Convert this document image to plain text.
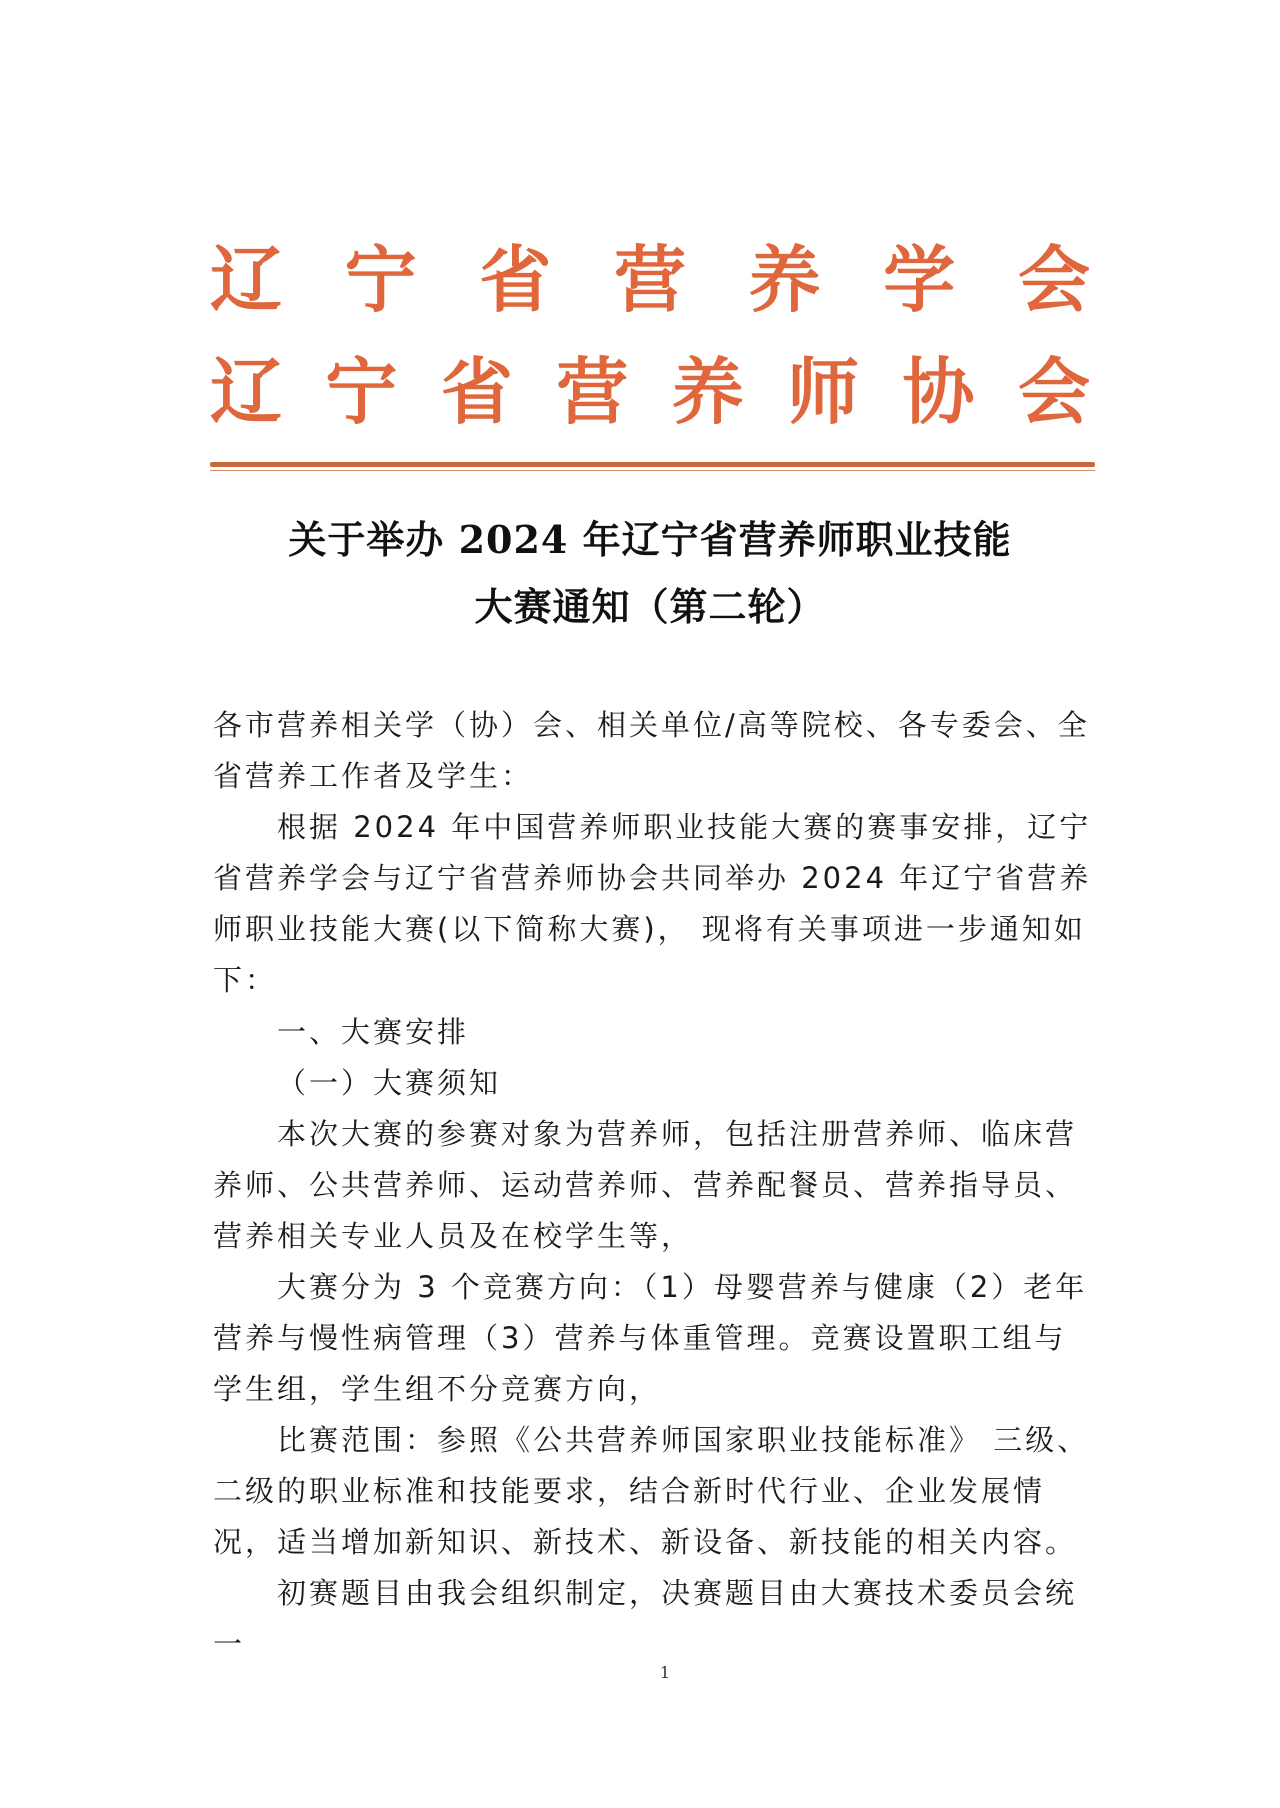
辽 宁 省 营 养 学 会
辽 宁 省 营 养 师 协 会
关于举办 2024 年辽宁省营养师职业技能
大赛通知（第二轮）

各市营养相关学（协）会、相关单位/高等院校、各专委会、全省营养工作者及学生：

根据 2024 年中国营养师职业技能大赛的赛事安排，辽宁省营养学会与辽宁省营养师协会共同举办 2024 年辽宁省营养师职业技能大赛(以下简称大赛)， 现将有关事项进一步通知如下：

一、大赛安排

（一）大赛须知

本次大赛的参赛对象为营养师，包括注册营养师、临床营养师、公共营养师、运动营养师、营养配餐员、营养指导员、营养相关专业人员及在校学生等，

大赛分为 3 个竞赛方向：（1）母婴营养与健康（2）老年营养与慢性病管理（3）营养与体重管理。竞赛设置职工组与学生组，学生组不分竞赛方向，

比赛范围：参照《公共营养师国家职业技能标准》 三级、二级的职业标准和技能要求，结合新时代行业、企业发展情况，适当增加新知识、新技术、新设备、新技能的相关内容。

初赛题目由我会组织制定，决赛题目由大赛技术委员会统一

1
